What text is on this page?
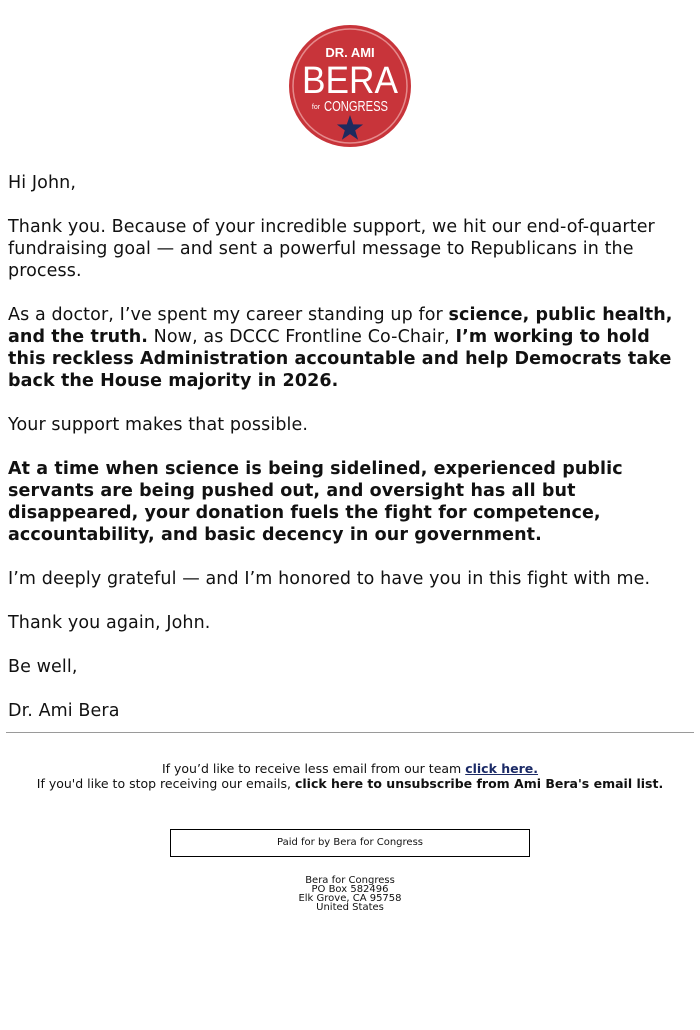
DR. AMI
BERA
for CONGRESS

Hi John,

Thank you. Because of your incredible support, we hit our end-of-quarter fundraising goal — and sent a powerful message to Republicans in the process.

As a doctor, I’ve spent my career standing up for science, public health, and the truth. Now, as DCCC Frontline Co-Chair, I’m working to hold this reckless Administration accountable and help Democrats take back the House majority in 2026.

Your support makes that possible.

At a time when science is being sidelined, experienced public servants are being pushed out, and oversight has all but disappeared, your donation fuels the fight for competence, accountability, and basic decency in our government.

I’m deeply grateful — and I’m honored to have you in this fight with me.

Thank you again, John.

Be well,

Dr. Ami Bera

If you’d like to receive less email from our team click here.
If you'd like to stop receiving our emails, click here to unsubscribe from Ami Bera's email list.
Paid for by Bera for Congress
Bera for Congress
PO Box 582496
Elk Grove, CA 95758
United States
